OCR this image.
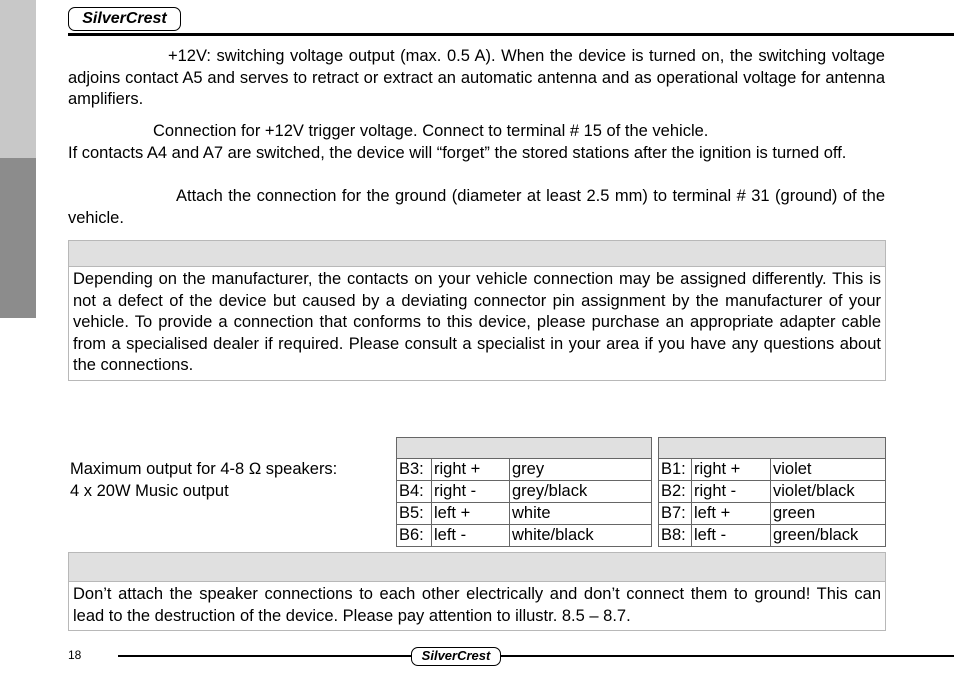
SilverCrest

+12V: switching voltage output (max. 0.5 A). When the device is turned on, the switching voltage adjoins contact A5 and serves to retract or extract an automatic antenna and as operational voltage for antenna amplifiers.

Connection for +12V trigger voltage. Connect to terminal # 15 of the vehicle.

If contacts A4 and A7 are switched, the device will “forget” the stored stations after the ignition is turned off.

Attach the connection for the ground (diameter at least 2.5 mm) to terminal # 31 (ground) of the vehicle.

Depending on the manufacturer, the contacts on your vehicle connection may be assigned differently. This is not a defect of the device but caused by a deviating connector pin assignment by the manufacturer of your vehicle. To provide a connection that conforms to this device, please purchase an appropriate adapter cable from a specialised dealer if required. Please consult a specialist in your area if you have any questions about the connections.
Maximum output for 4-8 Ω speakers:
4 x 20W Music output

B3:	right +	grey
B4:	right -	grey/black
B5:	left +	white
B6:	left -	white/black

B1:	right +	violet
B2:	right -	violet/black
B7:	left +	green
B8:	left -	green/black
Don’t attach the speaker connections to each other electrically and don’t connect them to ground! This can lead to the destruction of the device. Please pay attention to illustr. 8.5 – 8.7.
18	SilverCrest
